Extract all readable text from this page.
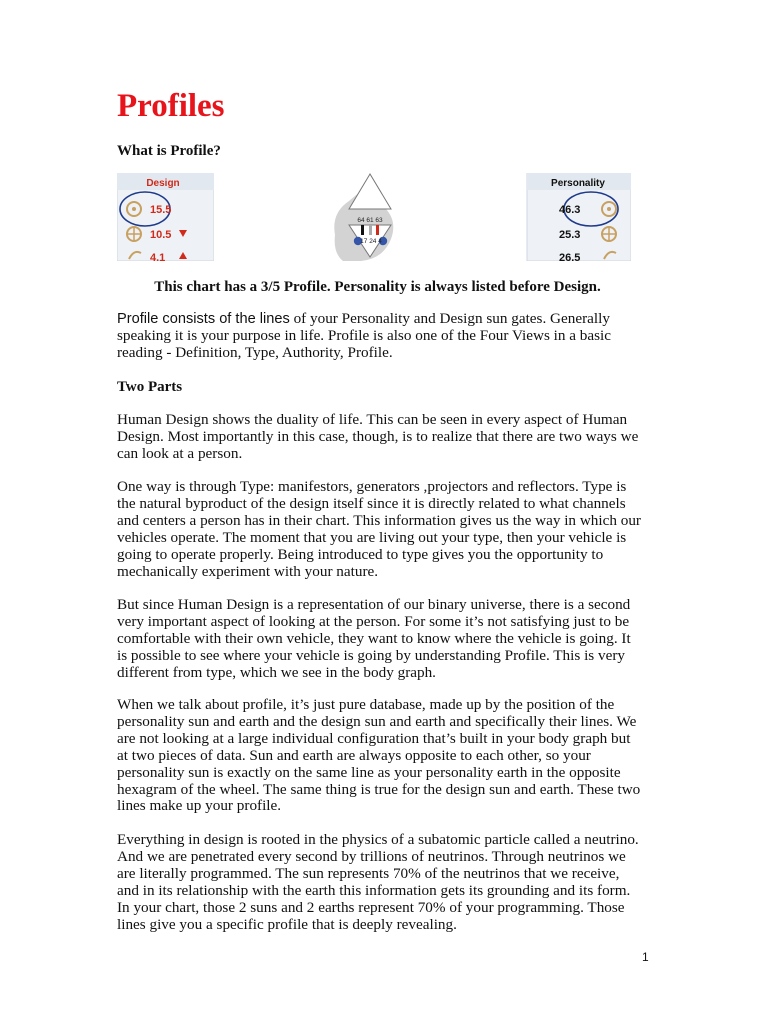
Profiles
What is Profile?
Design
15.5
10.5
4.1
64 61 63
17 24 4
Personality
46.3
25.3
26.5

This chart has a 3/5 Profile. Personality is always listed before Design.

Profile consists of the lines of your Personality and Design sun gates. Generally speaking it is your purpose in life. Profile is also one of the Four Views in a basic reading - Definition, Type, Authority, Profile.

Two Parts

Human Design shows the duality of life. This can be seen in every aspect of Human Design. Most importantly in this case, though, is to realize that there are two ways we can look at a person.

One way is through Type: manifestors, generators ,projectors and reflectors. Type is the natural byproduct of the design itself since it is directly related to what channels and centers a person has in their chart. This information gives us the way in which our vehicles operate. The moment that you are living out your type, then your vehicle is going to operate properly. Being introduced to type gives you the opportunity to mechanically experiment with your nature.

But since Human Design is a representation of our binary universe, there is a second very important aspect of looking at the person. For some it’s not satisfying just to be comfortable with their own vehicle, they want to know where the vehicle is going. It is possible to see where your vehicle is going by understanding Profile. This is very different from type, which we see in the body graph.

When we talk about profile, it’s just pure database, made up by the position of the personality sun and earth and the design sun and earth and specifically their lines. We are not looking at a large individual configuration that’s built in your body graph but at two pieces of data. Sun and earth are always opposite to each other, so your personality sun is exactly on the same line as your personality earth in the opposite hexagram of the wheel. The same thing is true for the design sun and earth. These two lines make up your profile.

Everything in design is rooted in the physics of a subatomic particle called a neutrino. And we are penetrated every second by trillions of neutrinos. Through neutrinos we are literally programmed. The sun represents 70% of the neutrinos that we receive, and in its relationship with the earth this information gets its grounding and its form. In your chart, those 2 suns and 2 earths represent 70% of your programming. Those lines give you a specific profile that is deeply revealing.

1
